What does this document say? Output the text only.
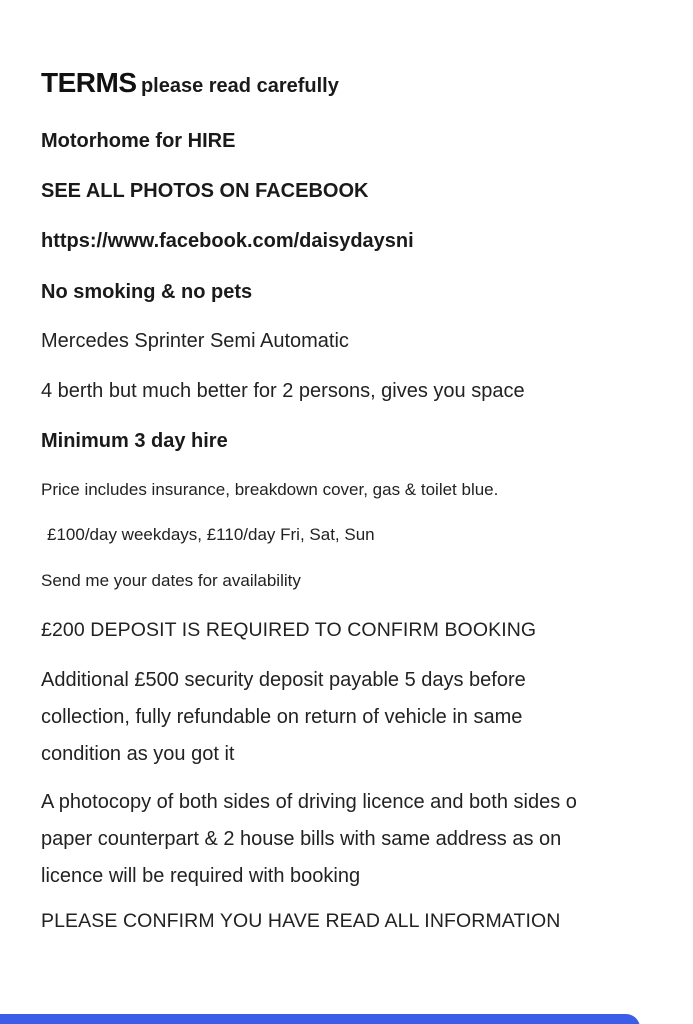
TERMS please read carefully
Motorhome for HIRE
SEE ALL PHOTOS ON FACEBOOK
https://www.facebook.com/daisydaysni
No smoking & no pets
Mercedes Sprinter Semi Automatic
4 berth but much better for 2 persons, gives you space
Minimum 3 day hire
Price includes insurance, breakdown cover, gas & toilet blue.
£100/day weekdays, £110/day Fri, Sat, Sun
Send me your dates for availability
£200 DEPOSIT IS REQUIRED TO CONFIRM BOOKING
Additional £500 security deposit payable 5 days before
collection, fully refundable on return of vehicle in same
condition as you got it
A photocopy of both sides of driving licence and both sides o
paper counterpart & 2 house bills with same address as on
licence will be required with booking
PLEASE CONFIRM YOU HAVE READ ALL INFORMATION
